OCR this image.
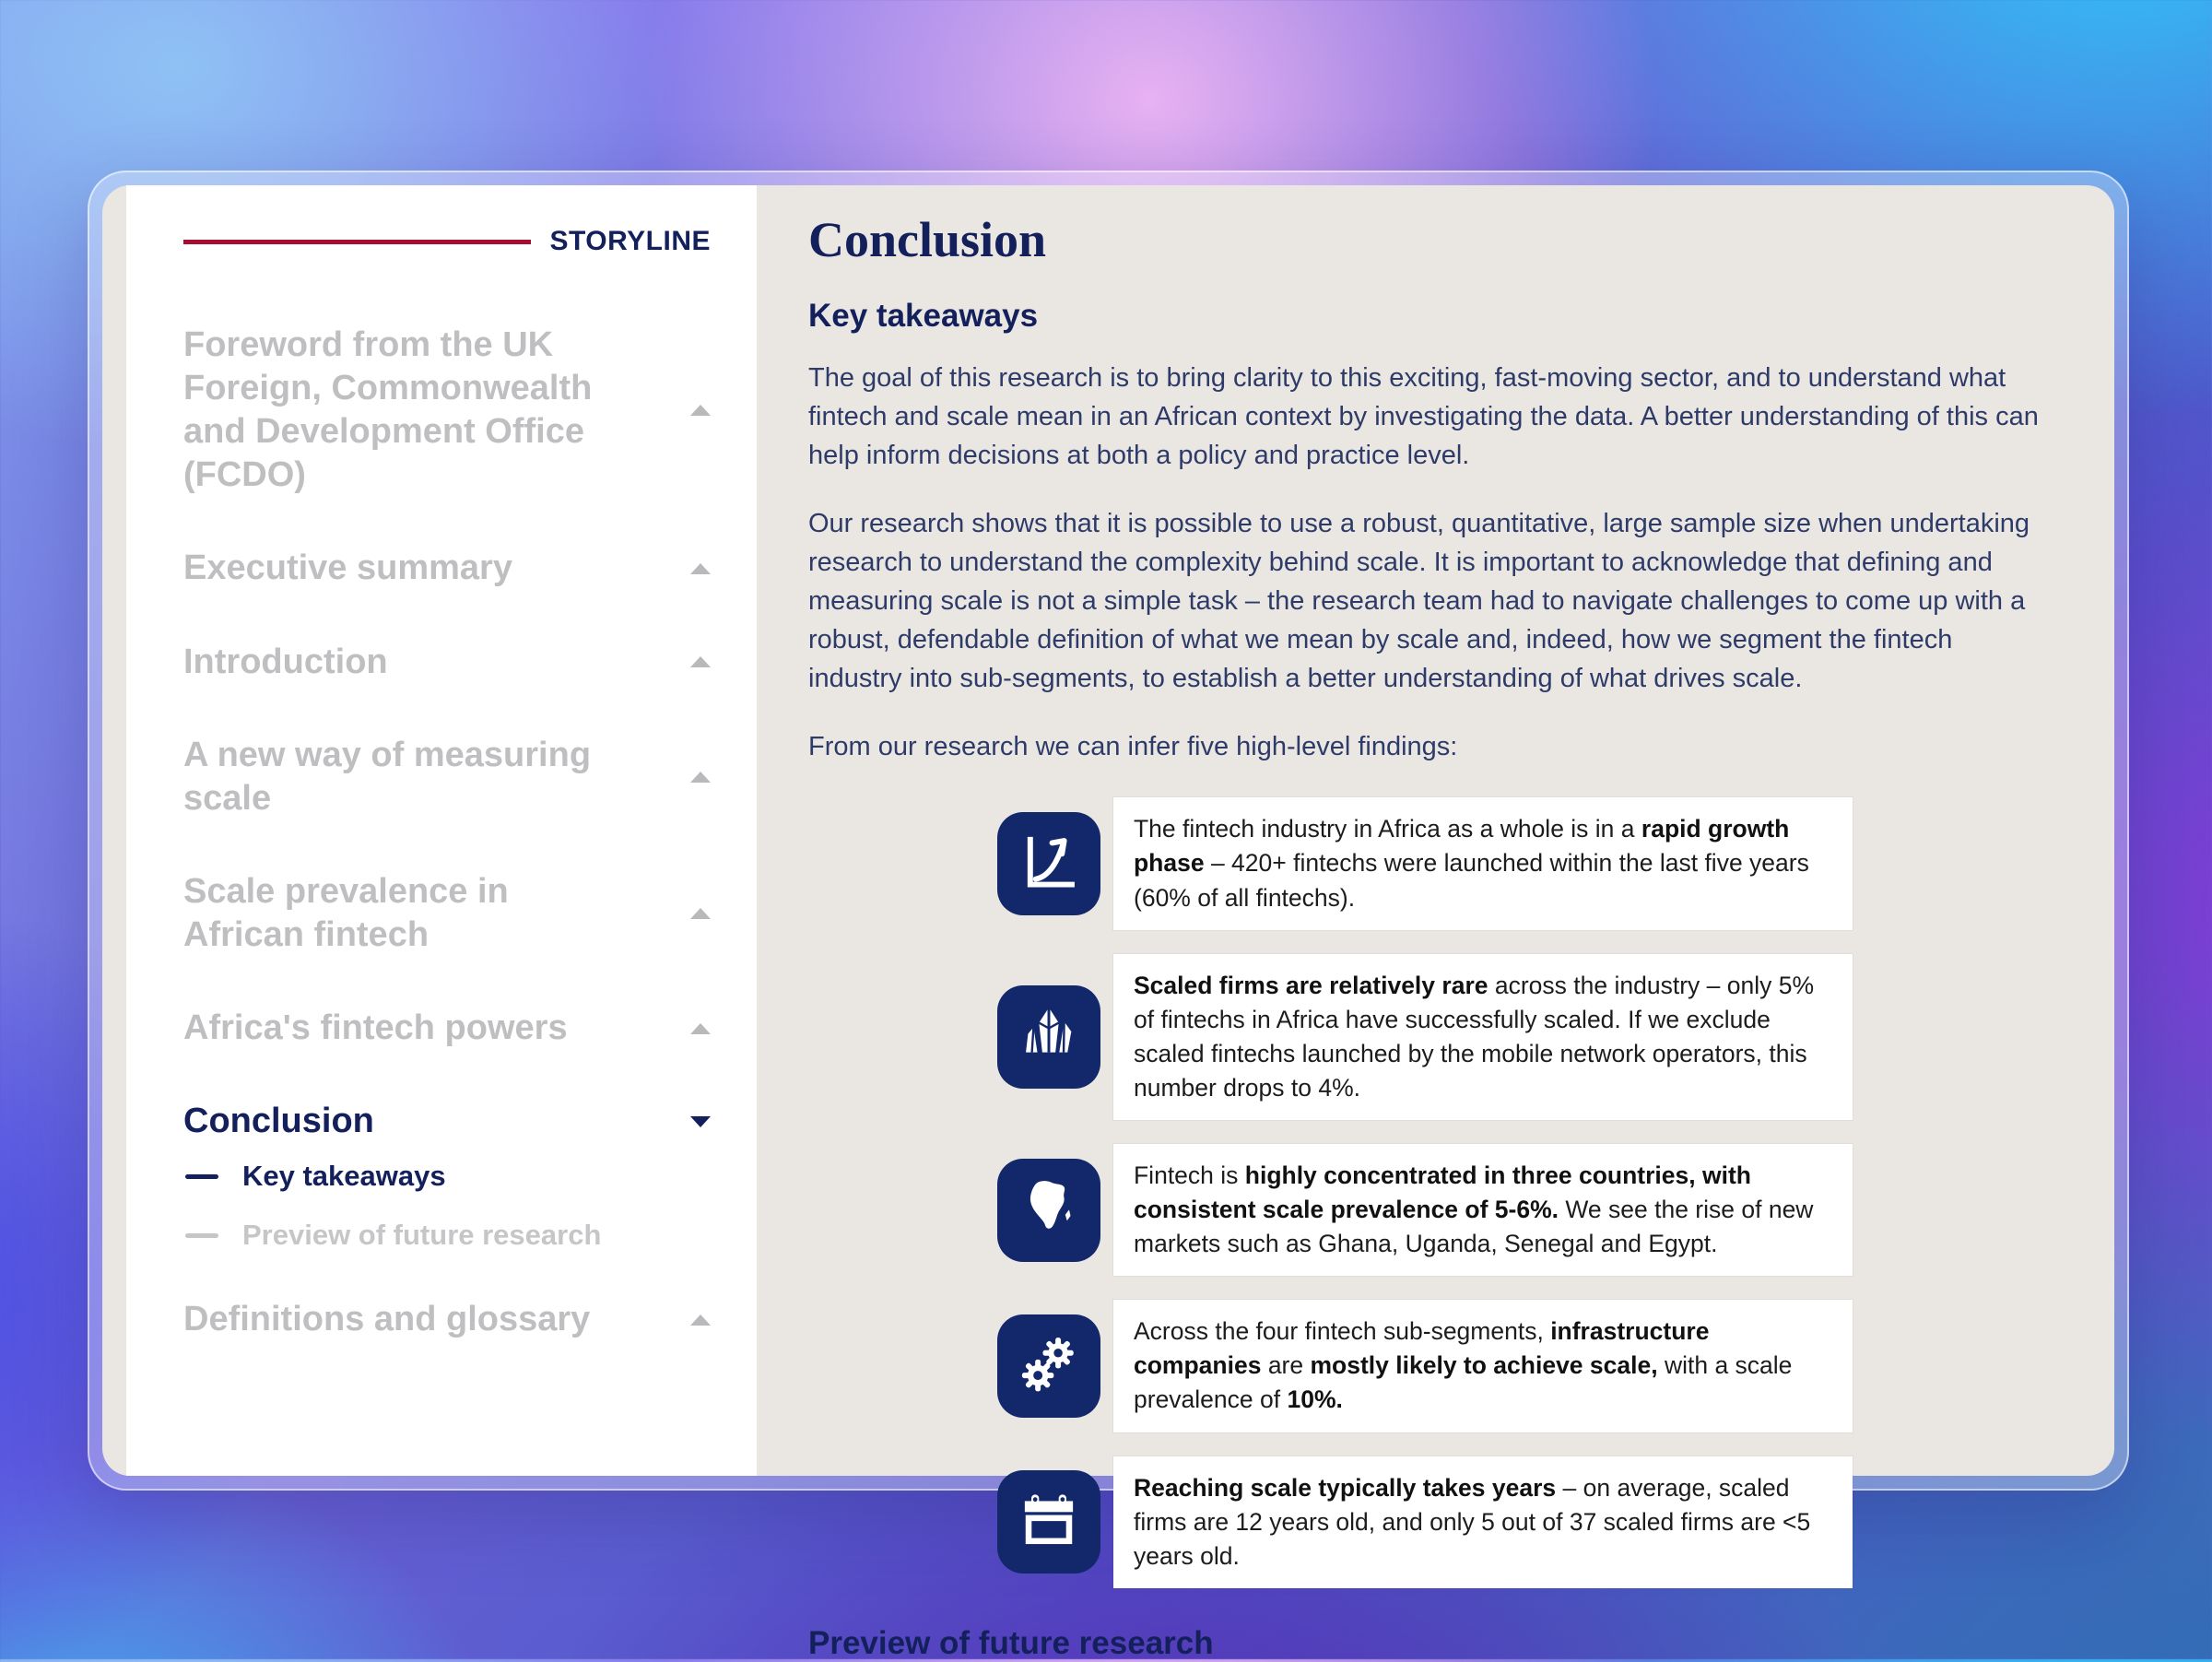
STORYLINE
Foreword from the UK Foreign, Commonwealth and Development Office (FCDO)
Executive summary
Introduction
A new way of measuring scale
Scale prevalence in African fintech
Africa's fintech powers
Conclusion
Key takeaways
Preview of future research
Definitions and glossary
Conclusion
Key takeaways

The goal of this research is to bring clarity to this exciting, fast-moving sector, and to understand what fintech and scale mean in an African context by investigating the data. A better understanding of this can help inform decisions at both a policy and practice level.

Our research shows that it is possible to use a robust, quantitative, large sample size when undertaking research to understand the complexity behind scale. It is important to acknowledge that defining and measuring scale is not a simple task – the research team had to navigate challenges to come up with a robust, defendable definition of what we mean by scale and, indeed, how we segment the fintech industry into sub-segments, to establish a better understanding of what drives scale.

From our research we can infer five high-level findings:

The fintech industry in Africa as a whole is in a rapid growth phase – 420+ fintechs were launched within the last five years (60% of all fintechs).
Scaled firms are relatively rare across the industry – only 5% of fintechs in Africa have successfully scaled. If we exclude scaled fintechs launched by the mobile network operators, this number drops to 4%.
Fintech is highly concentrated in three countries, with consistent scale prevalence of 5-6%. We see the rise of new markets such as Ghana, Uganda, Senegal and Egypt.
Across the four fintech sub-segments, infrastructure companies are mostly likely to achieve scale, with a scale prevalence of 10%.
Reaching scale typically takes years – on average, scaled firms are 12 years old, and only 5 out of 37 scaled firms are <5 years old.
Preview of future research
